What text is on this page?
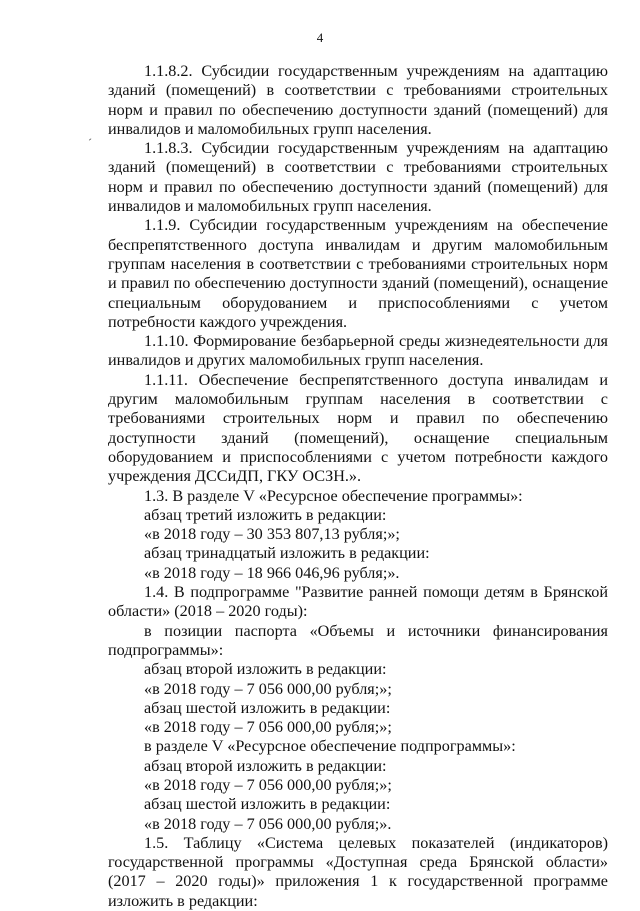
4
´

1.1.8.2. Субсидии государственным учреждениям на адаптацию зданий (помещений) в соответствии с требованиями строительных норм и правил по обеспечению доступности зданий (помещений) для инвалидов и маломобильных групп населения.

1.1.8.3. Субсидии государственным учреждениям на адаптацию зданий (помещений) в соответствии с требованиями строительных норм и правил по обеспечению доступности зданий (помещений) для инвалидов и маломобильных групп населения.

1.1.9. Субсидии государственным учреждениям на обеспечение беспрепятственного доступа инвалидам и другим маломобильным группам населения в соответствии с требованиями строительных норм и правил по обеспечению доступности зданий (помещений), оснащение специальным оборудованием и приспособлениями с учетом потребности каждого учреждения.

1.1.10. Формирование безбарьерной среды жизнедеятельности для инвалидов и других маломобильных групп населения.

1.1.11. Обеспечение беспрепятственного доступа инвалидам и другим маломобильным группам населения в соответствии с требованиями строительных норм и правил по обеспечению доступности зданий (помещений), оснащение специальным оборудованием и приспособлениями с учетом потребности каждого учреждения ДССиДП, ГКУ ОСЗН.».

1.3. В разделе V «Ресурсное обеспечение программы»:

абзац третий изложить в редакции:

«в 2018 году – 30 353 807,13 рубля;»;

абзац тринадцатый изложить в редакции:

«в 2018 году – 18 966 046,96 рубля;».

1.4. В подпрограмме "Развитие ранней помощи детям в Брянской области» (2018 – 2020 годы):

в позиции паспорта «Объемы и источники финансирования подпрограммы»:

абзац второй изложить в редакции:

«в 2018 году – 7 056 000,00 рубля;»;

абзац шестой изложить в редакции:

«в 2018 году – 7 056 000,00 рубля;»;

в разделе V «Ресурсное обеспечение подпрограммы»:

абзац второй изложить в редакции:

«в 2018 году – 7 056 000,00 рубля;»;

абзац шестой изложить в редакции:

«в 2018 году – 7 056 000,00 рубля;».

1.5. Таблицу «Система целевых показателей (индикаторов) государственной программы «Доступная среда Брянской области» (2017 – 2020 годы)» приложения 1 к государственной программе изложить в редакции:
